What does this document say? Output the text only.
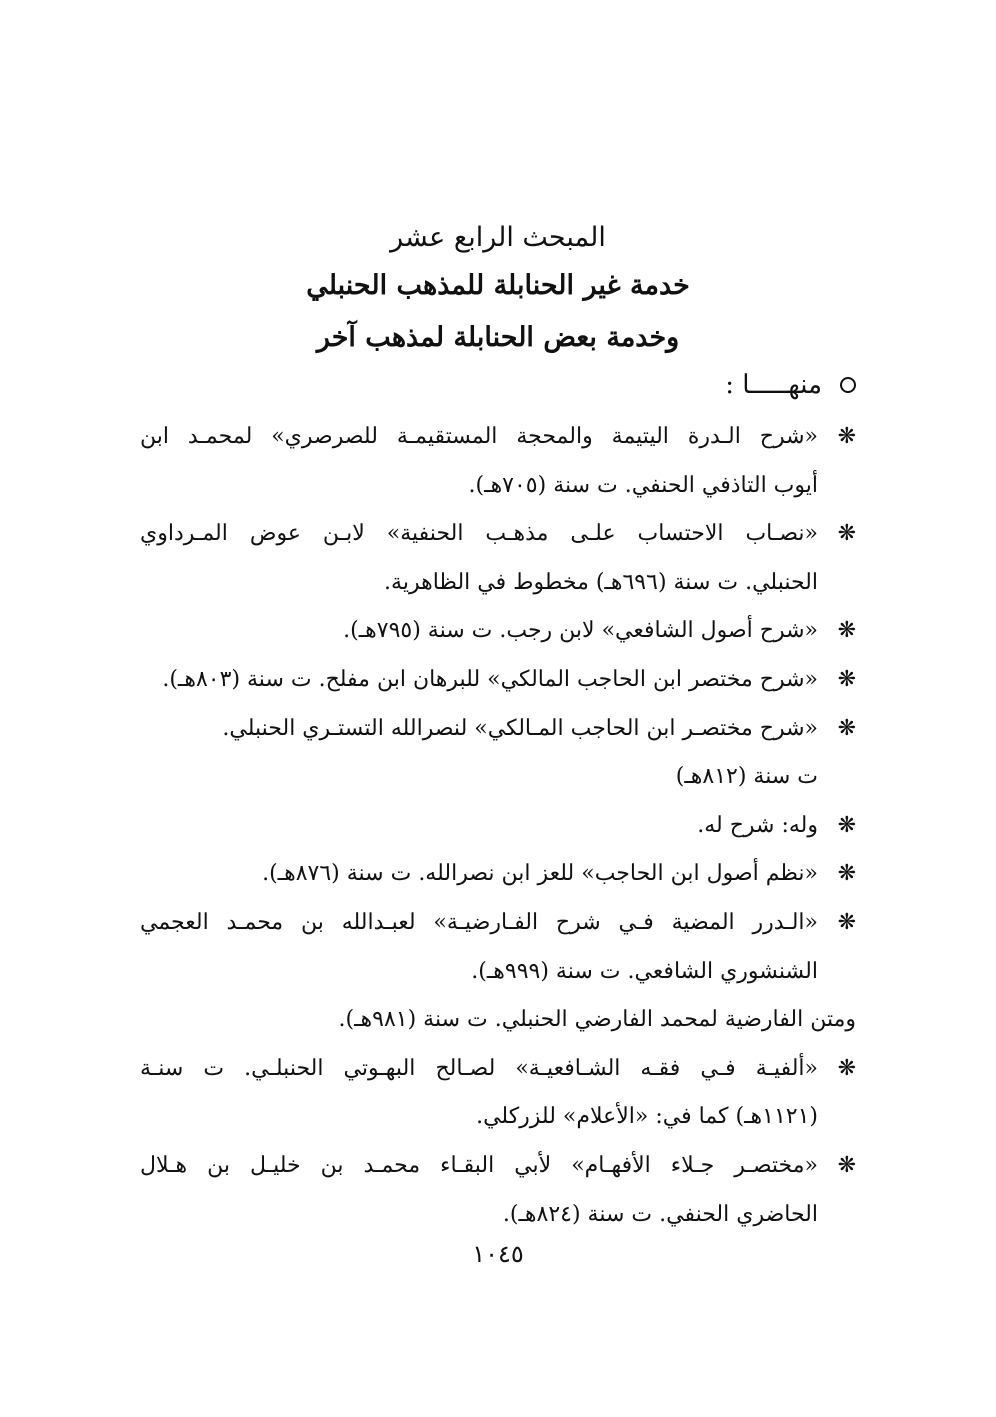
المبحث الرابع عشر
خدمة غير الحنابلة للمذهب الحنبلي
وخدمة بعض الحنابلة لمذهب آخر
منهـــــا :
❋«شرح الـدرة اليتيمة والمحجة المستقيمـة للصرصري» لمحمـد ابن
أيوب التاذفي الحنفي. ت سنة (٧٠٥هـ).
❋«نصـاب الاحتساب علـى مذهـب الحنفية» لابـن عوض المـرداوي
الحنبلي. ت سنة (٦٩٦هـ) مخطوط في الظاهرية.
❋«شرح أصول الشافعي» لابن رجب. ت سنة (٧٩٥هـ).
❋«شرح مختصر ابن الحاجب المالكي» للبرهان ابن مفلح. ت سنة (٨٠٣هـ).
❋«شرح مختصـر ابن الحاجب المـالكي» لنصرالله التستـري الحنبلي.
ت سنة (٨١٢هـ)
❋وله: شرح له.
❋«نظم أصول ابن الحاجب» للعز ابن نصرالله. ت سنة (٨٧٦هـ).
❋«الـدرر المضية فـي شرح الفـارضيـة» لعبـدالله بن محمـد العجمي
الشنشوري الشافعي. ت سنة (٩٩٩هـ).
ومتن الفارضية لمحمد الفارضي الحنبلي. ت سنة (٩٨١هـ).
❋«ألفيـة فـي فقـه الشـافعيـة» لصـالح البهـوتي الحنبلـي. ت سنـة
(١١٢١هـ) كما في: «الأعلام» للزركلي.
❋«مختصـر جـلاء الأفهـام» لأبي البقـاء محمـد بن خليـل بن هـلال
الحاضري الحنفي. ت سنة (٨٢٤هـ).
١٠٤٥
